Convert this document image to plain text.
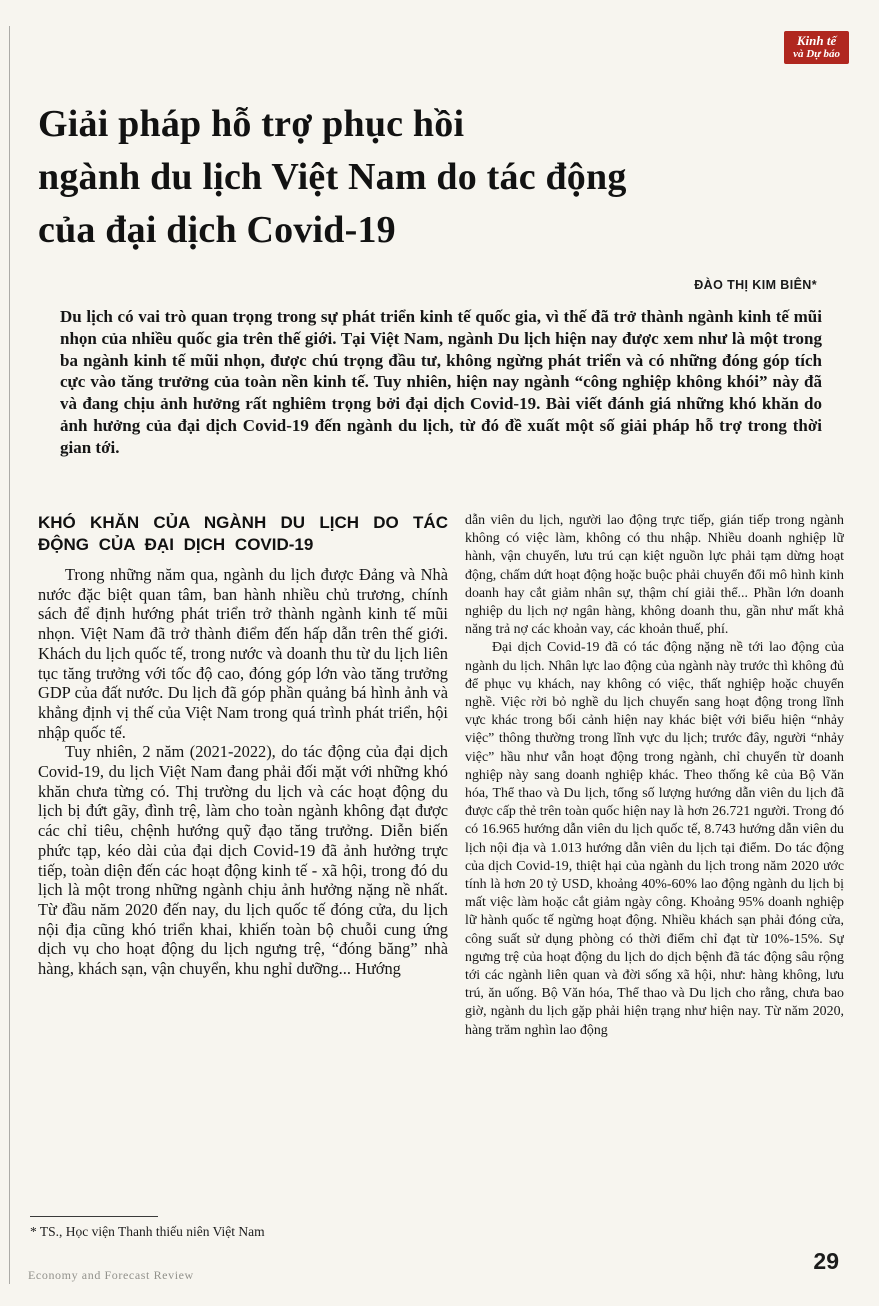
Kinh tế
và Dự báo
Giải pháp hỗ trợ phục hồi
ngành du lịch Việt Nam do tác động
của đại dịch Covid-19
ĐÀO THỊ KIM BIÊN*

Du lịch có vai trò quan trọng trong sự phát triển kinh tế quốc gia, vì thế đã trở thành ngành kinh tế mũi nhọn của nhiều quốc gia trên thế giới. Tại Việt Nam, ngành Du lịch hiện nay được xem như là một trong ba ngành kinh tế mũi nhọn, được chú trọng đầu tư, không ngừng phát triển và có những đóng góp tích cực vào tăng trưởng của toàn nền kinh tế. Tuy nhiên, hiện nay ngành “công nghiệp không khói” này đã và đang chịu ảnh hưởng rất nghiêm trọng bởi đại dịch Covid-19. Bài viết đánh giá những khó khăn do ảnh hưởng của đại dịch Covid-19 đến ngành du lịch, từ đó đề xuất một số giải pháp hỗ trợ trong thời gian tới.

KHÓ KHĂN CỦA NGÀNH DU LỊCH DO TÁC ĐỘNG CỦA ĐẠI DỊCH COVID-19

Trong những năm qua, ngành du lịch được Đảng và Nhà nước đặc biệt quan tâm, ban hành nhiều chủ trương, chính sách để định hướng phát triển trở thành ngành kinh tế mũi nhọn. Việt Nam đã trở thành điểm đến hấp dẫn trên thế giới. Khách du lịch quốc tế, trong nước và doanh thu từ du lịch liên tục tăng trưởng với tốc độ cao, đóng góp lớn vào tăng trưởng GDP của đất nước. Du lịch đã góp phần quảng bá hình ảnh và khẳng định vị thế của Việt Nam trong quá trình phát triển, hội nhập quốc tế.

Tuy nhiên, 2 năm (2021-2022), do tác động của đại dịch Covid-19, du lịch Việt Nam đang phải đối mặt với những khó khăn chưa từng có. Thị trường du lịch và các hoạt động du lịch bị đứt gãy, đình trệ, làm cho toàn ngành không đạt được các chỉ tiêu, chệnh hướng quỹ đạo tăng trưởng. Diễn biến phức tạp, kéo dài của đại dịch Covid-19 đã ảnh hưởng trực tiếp, toàn diện đến các hoạt động kinh tế - xã hội, trong đó du lịch là một trong những ngành chịu ảnh hưởng nặng nề nhất. Từ đầu năm 2020 đến nay, du lịch quốc tế đóng cửa, du lịch nội địa cũng khó triển khai, khiến toàn bộ chuỗi cung ứng dịch vụ cho hoạt động du lịch ngưng trệ, “đóng băng” nhà hàng, khách sạn, vận chuyển, khu nghỉ dưỡng... Hướng

dẫn viên du lịch, người lao động trực tiếp, gián tiếp trong ngành không có việc làm, không có thu nhập. Nhiều doanh nghiệp lữ hành, vận chuyển, lưu trú cạn kiệt nguồn lực phải tạm dừng hoạt động, chấm dứt hoạt động hoặc buộc phải chuyển đổi mô hình kinh doanh hay cắt giảm nhân sự, thậm chí giải thể... Phần lớn doanh nghiệp du lịch nợ ngân hàng, không doanh thu, gần như mất khả năng trả nợ các khoản vay, các khoản thuế, phí.

Đại dịch Covid-19 đã có tác động nặng nề tới lao động của ngành du lịch. Nhân lực lao động của ngành này trước thì không đủ để phục vụ khách, nay không có việc, thất nghiệp hoặc chuyển nghề. Việc rời bỏ nghề du lịch chuyển sang hoạt động trong lĩnh vực khác trong bối cảnh hiện nay khác biệt với biểu hiện “nhảy việc” thông thường trong lĩnh vực du lịch; trước đây, người “nhảy việc” hầu như vẫn hoạt động trong ngành, chỉ chuyển từ doanh nghiệp này sang doanh nghiệp khác. Theo thống kê của Bộ Văn hóa, Thể thao và Du lịch, tổng số lượng hướng dẫn viên du lịch đã được cấp thẻ trên toàn quốc hiện nay là hơn 26.721 người. Trong đó có 16.965 hướng dẫn viên du lịch quốc tế, 8.743 hướng dẫn viên du lịch nội địa và 1.013 hướng dẫn viên du lịch tại điểm. Do tác động của dịch Covid-19, thiệt hại của ngành du lịch trong năm 2020 ước tính là hơn 20 tỷ USD, khoảng 40%-60% lao động ngành du lịch bị mất việc làm hoặc cắt giảm ngày công. Khoảng 95% doanh nghiệp lữ hành quốc tế ngừng hoạt động. Nhiều khách sạn phải đóng cửa, công suất sử dụng phòng có thời điểm chỉ đạt từ 10%-15%. Sự ngưng trệ của hoạt động du lịch do dịch bệnh đã tác động sâu rộng tới các ngành liên quan và đời sống xã hội, như: hàng không, lưu trú, ăn uống. Bộ Văn hóa, Thể thao và Du lịch cho rằng, chưa bao giờ, ngành du lịch gặp phải hiện trạng như hiện nay. Từ năm 2020, hàng trăm nghìn lao động

* TS., Học viện Thanh thiếu niên Việt Nam
Economy and Forecast Review
29
